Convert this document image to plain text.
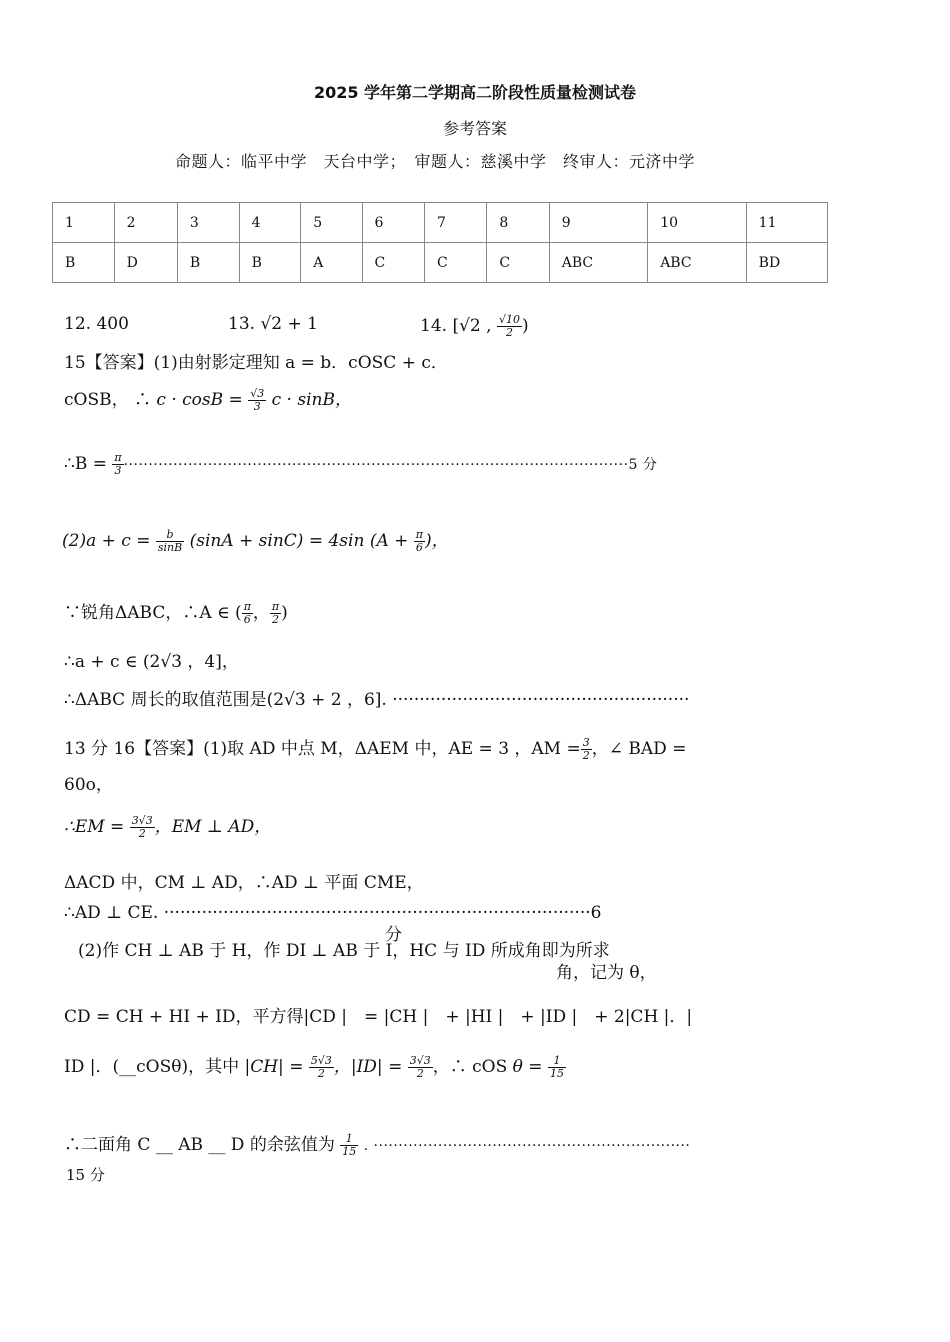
2025 学年第二学期高二阶段性质量检测试卷
参考答案
命题人：临平中学　天台中学；　审题人：慈溪中学　终审人：元济中学
1	2	3	4	5	6	7	8	9	10	11
B	D	B	B	A	C	C	C	ABC	ABC	BD
12. 400	13. √2 + 1	14. [√2 , $\frac{√10}{2}$ )
15【答案】(1)由射影定理知 a = b．cOSC + c．
cOSB， ∴ $c \cdot \cos B = \frac{√3}{3}$ c · sinB，
∴B = $\frac{\pi}{3} \cdot\cdot\cdot\cdot\cdot\cdot\cdot\cdot\cdot\cdot\cdot\cdot\cdot\cdot\cdot\cdot\cdot\cdot\cdot\cdot\cdot\cdot\cdot\cdot\cdot\cdot\cdot\cdot\cdot\cdot\cdot\cdot\cdot\cdot\cdot\cdot\cdot\cdot\cdot\cdot\cdot\cdot\cdot\cdot\cdot\cdot\cdot\cdot\cdot\cdot\cdot\cdot\cdot\cdot\cdot\cdot\cdot\cdot\cdot\cdot\cdot\cdot\cdot\cdot\cdot\cdot\cdot\cdot\cdot\cdot\cdot\cdot\cdot\cdot\cdot\cdot\cdot\cdot\cdot\cdot\cdot\cdot\cdot\cdot\cdot\cdot\cdot\cdot\cdot\cdot\cdot\cdot\cdot\cdot\cdot\cdot\cdot\cdot\cdot\cdot\cdot\cdot 5$ 分
$(2)a + c = \frac{b}{\sin B} (\sin A + \sin C) = 4\sin$ ($A + \frac{\pi}{6}$ )，
∵锐角ΔABC，∴A ∈ ( $\frac{\pi}{6}$ ， $\frac{\pi}{2}$ )
∴a + c ∈ (2√3 ，4]，
∴ΔABC 周长的取值范围是(2√3 + 2 ，6]. ·······················································
13 分 16【答案】(1)取 AD 中点 M，ΔAEM 中，AE = 3 ，AM = $\frac{3}{2}$ ，∠ BAD =
60o，
∴EM = $\frac{3√3}{2}$ ，EM ⊥ AD，
ΔACD 中，CM ⊥ AD，∴AD ⊥ 平面 CME，
∴AD ⊥ CE. ···············································································6
分
(2)作 CH ⊥ AB 于 H，作 DI ⊥ AB 于 I，HC 与 ID 所成角即为所求
角，记为 θ，
CD = CH + HI + ID，平方得|CD |　= |CH |　+ |HI |　+ |ID |　+ 2|CH |．|
ID |．(__cOSθ)，其中 $|CH| = \frac{5√3}{2}$ ，$|ID| = \frac{3√3}{2}$ ，∴ cOS $\theta = \frac{1}{15}$
∴二面角 C __ AB __ D 的余弦值为 $\frac{1}{15}$ . ································································
15 分
